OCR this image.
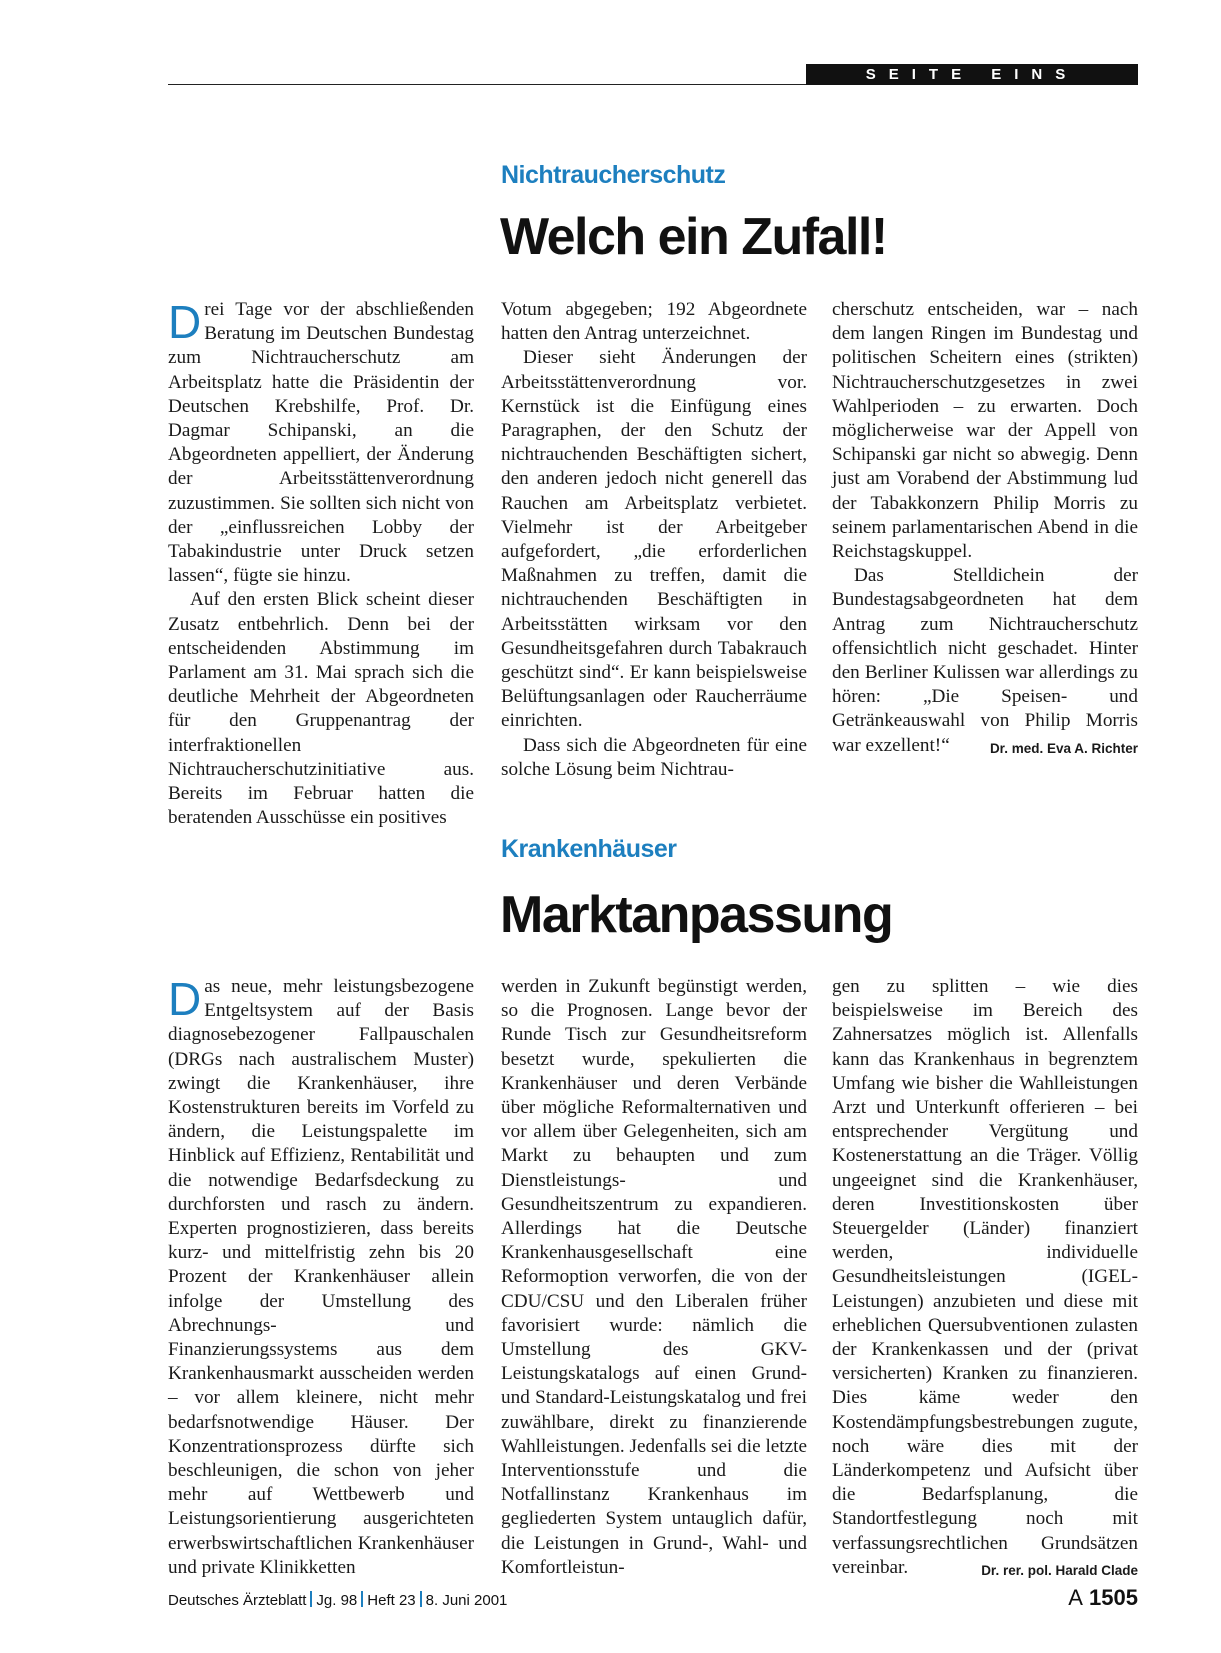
SEITE EINS
Nichtraucherschutz
Welch ein Zufall!

Drei Tage vor der abschließenden Beratung im Deutschen Bundestag zum Nichtraucherschutz am Arbeitsplatz hatte die Präsidentin der Deutschen Krebshilfe, Prof. Dr. Dagmar Schipanski, an die Abgeordneten appelliert, der Änderung der Arbeitsstättenverordnung zuzustimmen. Sie sollten sich nicht von der „einflussreichen Lobby der Tabakindustrie unter Druck setzen lassen“, fügte sie hinzu.

Auf den ersten Blick scheint dieser Zusatz entbehrlich. Denn bei der entscheidenden Abstimmung im Parlament am 31. Mai sprach sich die deutliche Mehrheit der Abgeordneten für den Gruppenantrag der interfraktionellen Nichtraucherschutzinitiative aus. Bereits im Februar hatten die beratenden Ausschüsse ein positives

Votum abgegeben; 192 Abgeordnete hatten den Antrag unterzeichnet.

Dieser sieht Änderungen der Arbeitsstättenverordnung vor. Kernstück ist die Einfügung eines Paragraphen, der den Schutz der nichtrauchenden Beschäftigten sichert, den anderen jedoch nicht generell das Rauchen am Arbeitsplatz verbietet. Vielmehr ist der Arbeitgeber aufgefordert, „die erforderlichen Maßnahmen zu treffen, damit die nichtrauchenden Beschäftigten in Arbeitsstätten wirksam vor den Gesundheitsgefahren durch Tabakrauch geschützt sind“. Er kann beispielsweise Belüftungsanlagen oder Raucherräume einrichten.

Dass sich die Abgeordneten für eine solche Lösung beim Nichtrau-

cherschutz entscheiden, war – nach dem langen Ringen im Bundestag und politischen Scheitern eines (strikten) Nichtraucherschutzgesetzes in zwei Wahlperioden – zu erwarten. Doch möglicherweise war der Appell von Schipanski gar nicht so abwegig. Denn just am Vorabend der Abstimmung lud der Tabakkonzern Philip Morris zu seinem parlamentarischen Abend in die Reichstagskuppel.

Das Stelldichein der Bundestagsabgeordneten hat dem Antrag zum Nichtraucherschutz offensichtlich nicht geschadet. Hinter den Berliner Kulissen war allerdings zu hören: „Die Speisen- und Getränkeauswahl von Philip Morris war exzellent!“	Dr. med. Eva A. Richter

Krankenhäuser
Marktanpassung

Das neue, mehr leistungsbezogene Entgeltsystem auf der Basis diagnosebezogener Fallpauschalen (DRGs nach australischem Muster) zwingt die Krankenhäuser, ihre Kostenstrukturen bereits im Vorfeld zu ändern, die Leistungspalette im Hinblick auf Effizienz, Rentabilität und die notwendige Bedarfsdeckung zu durchforsten und rasch zu ändern. Experten prognostizieren, dass bereits kurz- und mittelfristig zehn bis 20 Prozent der Krankenhäuser allein infolge der Umstellung des Abrechnungs- und Finanzierungssystems aus dem Krankenhausmarkt ausscheiden werden – vor allem kleinere, nicht mehr bedarfsnotwendige Häuser. Der Konzentrationsprozess dürfte sich beschleunigen, die schon von jeher mehr auf Wettbewerb und Leistungsorientierung ausgerichteten erwerbswirtschaftlichen Krankenhäuser und private Klinikketten

werden in Zukunft begünstigt werden, so die Prognosen. Lange bevor der Runde Tisch zur Gesundheitsreform besetzt wurde, spekulierten die Krankenhäuser und deren Verbände über mögliche Reformalternativen und vor allem über Gelegenheiten, sich am Markt zu behaupten und zum Dienstleistungs- und Gesundheitszentrum zu expandieren. Allerdings hat die Deutsche Krankenhausgesellschaft eine Reformoption verworfen, die von der CDU/CSU und den Liberalen früher favorisiert wurde: nämlich die Umstellung des GKV-Leistungskatalogs auf einen Grund- und Standard-Leistungskatalog und frei zuwählbare, direkt zu finanzierende Wahlleistungen. Jedenfalls sei die letzte Interventionsstufe und die Notfallinstanz Krankenhaus im gegliederten System untauglich dafür, die Leistungen in Grund-, Wahl- und Komfortleistun-

gen zu splitten – wie dies beispielsweise im Bereich des Zahnersatzes möglich ist. Allenfalls kann das Krankenhaus in begrenztem Umfang wie bisher die Wahlleistungen Arzt und Unterkunft offerieren – bei entsprechender Vergütung und Kostenerstattung an die Träger. Völlig ungeeignet sind die Krankenhäuser, deren Investitionskosten über Steuergelder (Länder) finanziert werden, individuelle Gesundheitsleistungen (IGEL-Leistungen) anzubieten und diese mit erheblichen Quersubventionen zulasten der Krankenkassen und der (privat versicherten) Kranken zu finanzieren. Dies käme weder den Kostendämpfungsbestrebungen zugute, noch wäre dies mit der Länderkompetenz und Aufsicht über die Bedarfsplanung, die Standortfestlegung noch mit verfassungsrechtlichen Grundsätzen vereinbar.	Dr. rer. pol. Harald Clade

Deutsches Ärzteblatt Jg. 98 Heft 23 8. Juni 2001	A 1505
